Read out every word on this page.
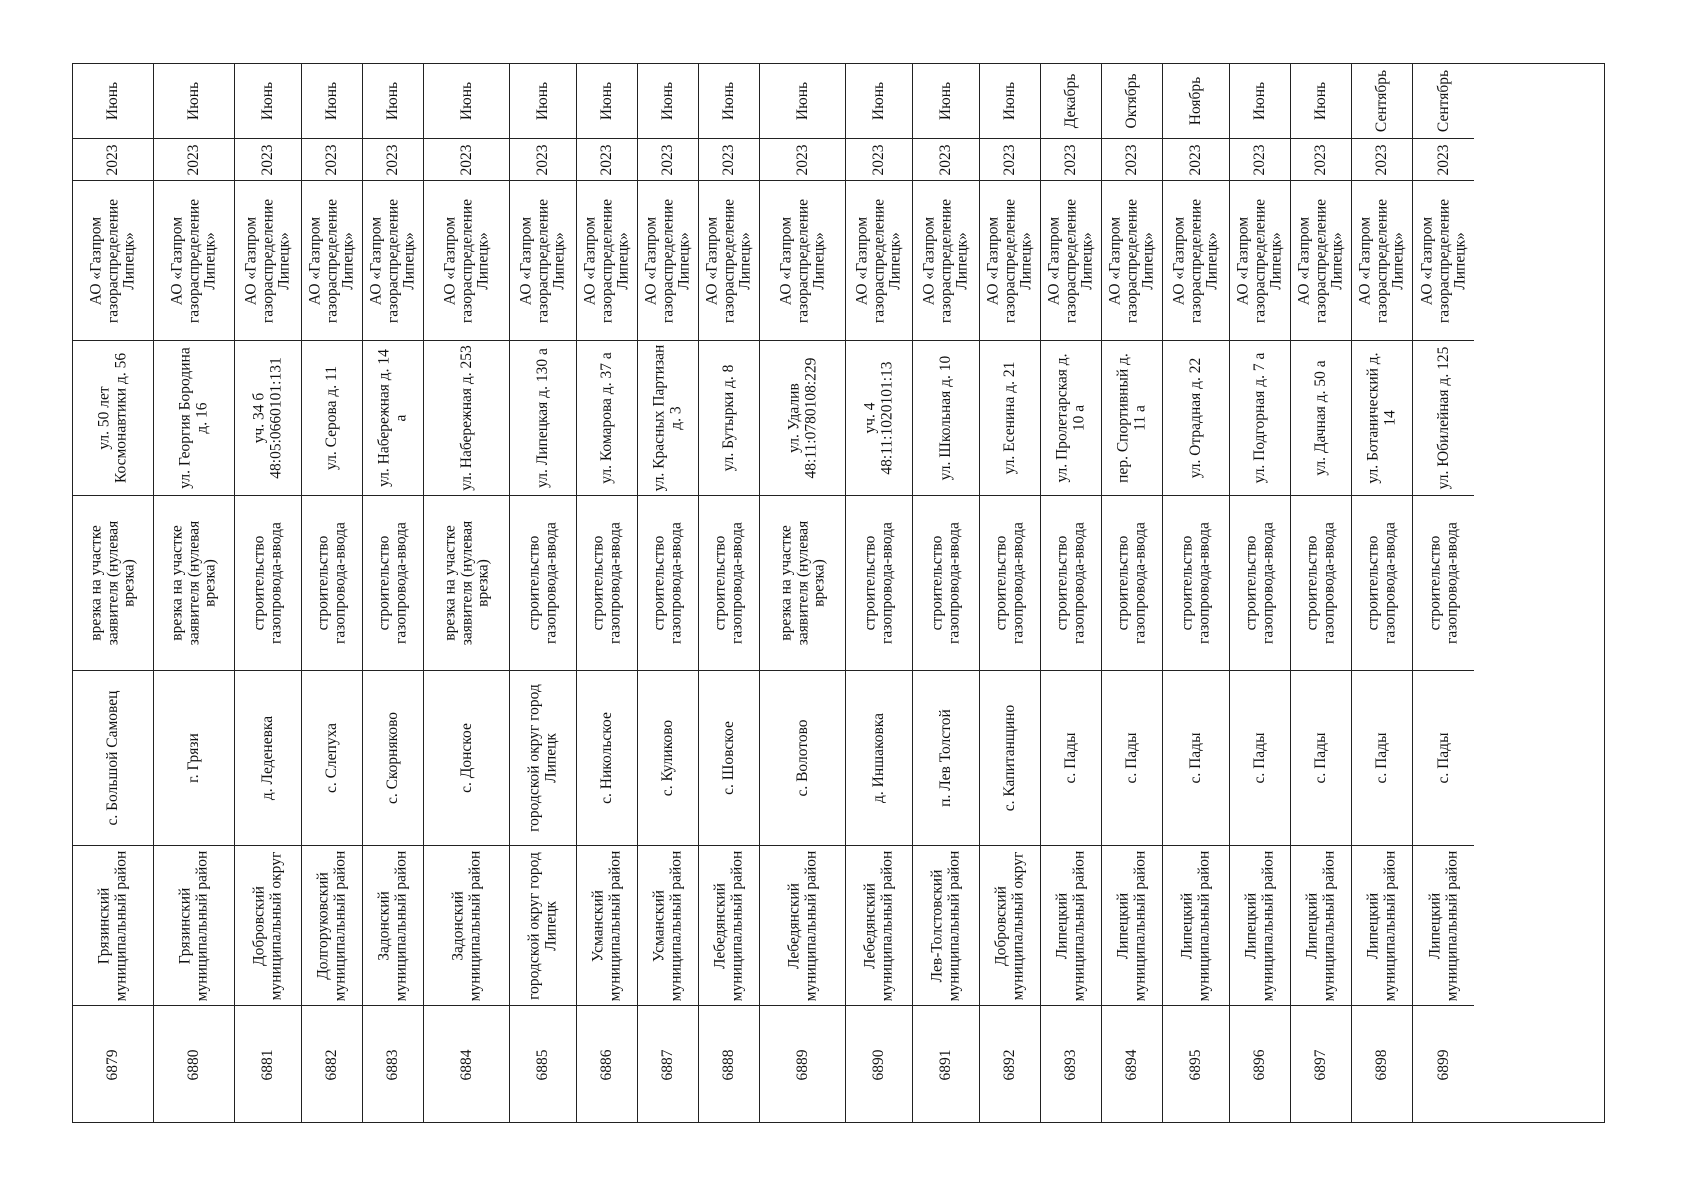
Июнь
2023
АО «Газпром газораспределение Липецк»
ул. 50 лет Космонавтики д. 56
врезка на участке заявителя (нулевая врезка)
с. Большой Самовец
Грязинский муниципальный район
6879
Июнь
2023
АО «Газпром газораспределение Липецк»
ул. Георгия Бородина д. 16
врезка на участке заявителя (нулевая врезка)
г. Грязи
Грязинский муниципальный район
6880
Июнь
2023
АО «Газпром газораспределение Липецк»
уч. 34 б 48:05:0660101:131
строительство газопровода-ввода
д. Леденевка
Добровский муниципальный округ
6881
Июнь
2023
АО «Газпром газораспределение Липецк»
ул. Серова д. 11
строительство газопровода-ввода
с. Слепуха
Долгоруковский муниципальный район
6882
Июнь
2023
АО «Газпром газораспределение Липецк»
ул. Набережная д. 14 а
строительство газопровода-ввода
с. Скорняково
Задонский муниципальный район
6883
Июнь
2023
АО «Газпром газораспределение Липецк»
ул. Набережная д. 253
врезка на участке заявителя (нулевая врезка)
с. Донское
Задонский муниципальный район
6884
Июнь
2023
АО «Газпром газораспределение Липецк»
ул. Липецкая д. 130 а
строительство газопровода-ввода
городской округ город Липецк
городской округ город Липецк
6885
Июнь
2023
АО «Газпром газораспределение Липецк»
ул. Комарова д. 37 а
строительство газопровода-ввода
с. Никольское
Усманский муниципальный район
6886
Июнь
2023
АО «Газпром газораспределение Липецк»
ул. Красных Партизан д. 3
строительство газопровода-ввода
с. Куликово
Усманский муниципальный район
6887
Июнь
2023
АО «Газпром газораспределение Липецк»
ул. Бутырки д. 8
строительство газопровода-ввода
с. Шовское
Лебедянский муниципальный район
6888
Июнь
2023
АО «Газпром газораспределение Липецк»
ул. Удалив 48:11:0780108:229
врезка на участке заявителя (нулевая врезка)
с. Волотово
Лебедянский муниципальный район
6889
Июнь
2023
АО «Газпром газораспределение Липецк»
уч. 4 48:11:1020101:13
строительство газопровода-ввода
д. Иншаковка
Лебедянский муниципальный район
6890
Июнь
2023
АО «Газпром газораспределение Липецк»
ул. Школьная д. 10
строительство газопровода-ввода
п. Лев Толстой
Лев-Толстовский муниципальный район
6891
Июнь
2023
АО «Газпром газораспределение Липецк»
ул. Есенина д. 21
строительство газопровода-ввода
с. Капитанщино
Добровский муниципальный округ
6892
Декабрь
2023
АО «Газпром газораспределение Липецк»
ул. Пролетарская д. 10 а
строительство газопровода-ввода
с. Пады
Липецкий муниципальный район
6893
Октябрь
2023
АО «Газпром газораспределение Липецк»
пер. Спортивный д. 11 а
строительство газопровода-ввода
с. Пады
Липецкий муниципальный район
6894
Ноябрь
2023
АО «Газпром газораспределение Липецк»
ул. Отрадная д. 22
строительство газопровода-ввода
с. Пады
Липецкий муниципальный район
6895
Июнь
2023
АО «Газпром газораспределение Липецк»
ул. Подгорная д. 7 а
строительство газопровода-ввода
с. Пады
Липецкий муниципальный район
6896
Июнь
2023
АО «Газпром газораспределение Липецк»
ул. Дачная д. 50 а
строительство газопровода-ввода
с. Пады
Липецкий муниципальный район
6897
Сентябрь
2023
АО «Газпром газораспределение Липецк»
ул. Ботанический д. 14
строительство газопровода-ввода
с. Пады
Липецкий муниципальный район
6898
Сентябрь
2023
АО «Газпром газораспределение Липецк»
ул. Юбилейная д. 125
строительство газопровода-ввода
с. Пады
Липецкий муниципальный район
6899
